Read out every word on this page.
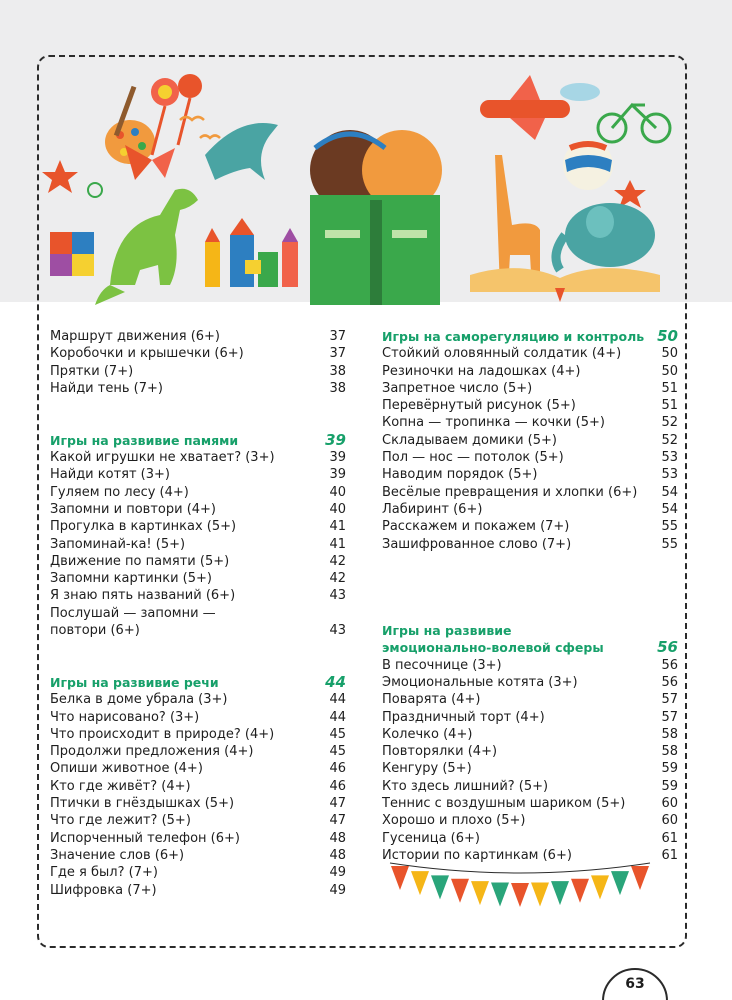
Маршрут движения (6+)	37
Коробочки и крышечки (6+)	37
Прятки (7+)	38
Найди тень (7+)	38
Игры на развивие памями	39
Какой игрушки не хватает? (3+)	39
Найди котят (3+)	39
Гуляем по лесу (4+)	40
Запомни и повтори (4+)	40
Прогулка в картинках (5+)	41
Запоминай-ка! (5+)	41
Движение по памяти (5+)	42
Запомни картинки (5+)	42
Я знаю пять названий (6+)	43
Послушай — запомни — повтори (6+)	43
Игры на развивие речи	44
Белка в доме убрала (3+)	44
Что нарисовано? (3+)	44
Что происходит в природе? (4+)	45
Продолжи предложения (4+)	45
Опиши животное (4+)	46
Кто где живёт? (4+)	46
Птички в гнёздышках (5+)	47
Что где лежит? (5+)	47
Испорченный телефон (6+)	48
Значение слов (6+)	48
Где я был? (7+)	49
Шифровка (7+)	49
Игры на саморегуляцию и контроль 50
Стойкий оловянный солдатик (4+)	50
Резиночки на ладошках (4+)	50
Запретное число (5+)	51
Перевёрнутый рисунок (5+)	51
Копна — тропинка — кочки (5+)	52
Складываем домики (5+)	52
Пол — нос — потолок (5+)	53
Наводим порядок (5+)	53
Весёлые превращения и хлопки (6+) 54
Лабиринт (6+)	54
Расскажем и покажем (7+)	55
Зашифрованное слово (7+)	55
Игры на развивие эмоционально-волевой сферы	56
В песочнице (3+)	56
Эмоциональные котята (3+)	56
Поварята (4+)	57
Праздничный торт (4+)	57
Колечко (4+)	58
Повторялки (4+)	58
Кенгуру (5+)	59
Кто здесь лишний? (5+)	59
Теннис с воздушным шариком (5+)	60
Хорошо и плохо (5+)	60
Гусеница (6+)	61
Истории по картинкам (6+)	61
63
